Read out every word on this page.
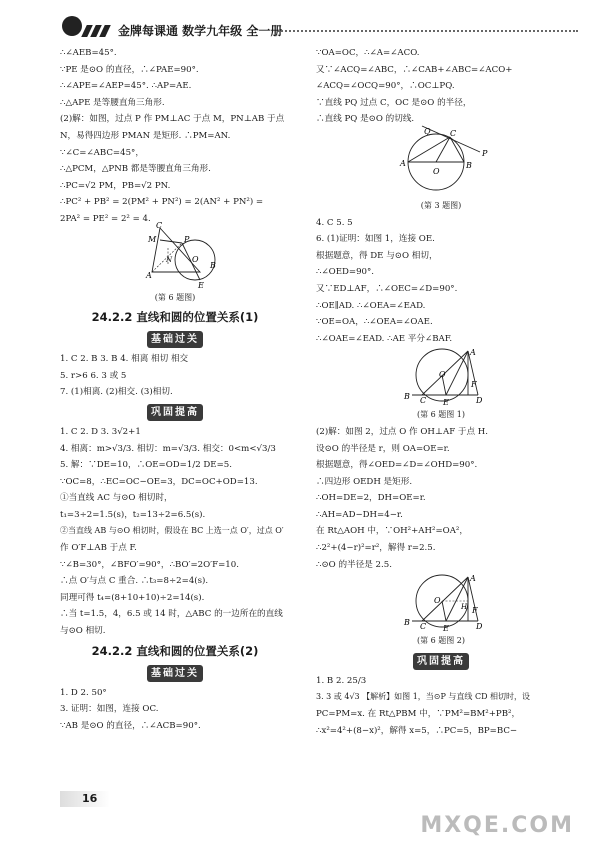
金牌每课通 数学九年级 全一册
∴∠AEB=45°.
∵PE 是⊙O 的直径，∴∠PAE=90°.
∴∠APE=∠AEP=45°. ∴AP=AE.
∴△APE 是等腰直角三角形.
(2)解：如图，过点 P 作 PM⊥AC 于点 M，PN⊥AB 于点
N，易得四边形 PMAN 是矩形. ∴PM=AN.
∵∠C=∠ABC=45°，
∴△PCM，△PNB 都是等腰直角三角形.
∴PC=√2 PM，PB=√2 PN.
∴PC² + PB² = 2(PM² + PN²) = 2(AN² + PN²) =
2PA² = PE² = 2² = 4.
C
M	P
N O
A
B
E
(第 6 题图)
24.2.2 直线和圆的位置关系(1)
基础过关
1. C 2. B 3. B 4. 相离 相切 相交
5. r>6 6. 3 或 5
7. (1)相离. (2)相交. (3)相切.
巩固提高
1. C 2. D 3. 3√2+1
4. 相离：m>√3/3. 相切：m=√3/3. 相交：0<m<√3/3
5. 解：∵DE=10，∴OE=OD=1/2 DE=5.
∵OC=8，∴EC=OC−OE=3，DC=OC+OD=13.
①当直线 AC 与⊙O 相切时，
t₁=3÷2=1.5(s)，t₂=13÷2=6.5(s).
②当直线 AB 与⊙O 相切时，假设在 BC 上选一点 O′，过点 O′
作 O′F⊥AB 于点 F.
∵∠B=30°，∠BFO′=90°，∴BO′=2O′F=10.
∴点 O′与点 C 重合. ∴t₃=8÷2=4(s).
同理可得 t₄=(8+10+10)÷2=14(s).
∴当 t=1.5，4，6.5 或 14 时，△ABC 的一边所在的直线
与⊙O 相切.
24.2.2 直线和圆的位置关系(2)
基础过关
1. D 2. 50°
3. 证明：如图，连接 OC.
∵AB 是⊙O 的直径，∴∠ACB=90°.
∵OA=OC，∴∠A=∠ACO.
又∵∠ACQ=∠ABC，∴∠CAB+∠ABC=∠ACO+
∠ACQ=∠OCQ=90°，∴OC⊥PQ.
∵直线 PQ 过点 C，OC 是⊙O 的半径，
∴直线 PQ 是⊙O 的切线.
Q C
P
A
O
B
(第 3 题图)
4. C 5. 5
6. (1)证明：如图 1，连接 OE.
根据题意，得 DE 与⊙O 相切，
∴∠OED=90°.
又∵ED⊥AF，∴∠OEC=∠D=90°.
∴OE∥AD. ∴∠OEA=∠EAD.
∵OE=OA，∴∠OEA=∠OAE.
∴∠OAE=∠EAD. ∴AE 平分∠BAF.
A
O
F
B C E	D
(第 6 题图 1)
(2)解：如图 2，过点 O 作 OH⊥AF 于点 H.
设⊙O 的半径是 r，则 OA=OE=r.
根据题意，得∠OED=∠D=∠OHD=90°.
∴四边形 OEDH 是矩形.
∴OH=DE=2，DH=OE=r.
∴AH=AD−DH=4−r.
在 Rt△AOH 中，∵OH²+AH²=OA²，
∴2²+(4−r)²=r²，解得 r=2.5.
∴⊙O 的半径是 2.5.
A
O
H F
B C E	D
(第 6 题图 2)
巩固提高
1. B 2. 25/3
3. 3 或 4√3 【解析】如图 1，当⊙P 与直线 CD 相切时，设
PC=PM=x. 在 Rt△PBM 中，∵PM²=BM²+PB²，
∴x²=4²+(8−x)²，解得 x=5，∴PC=5，BP=BC−
16
MXQE.COM
